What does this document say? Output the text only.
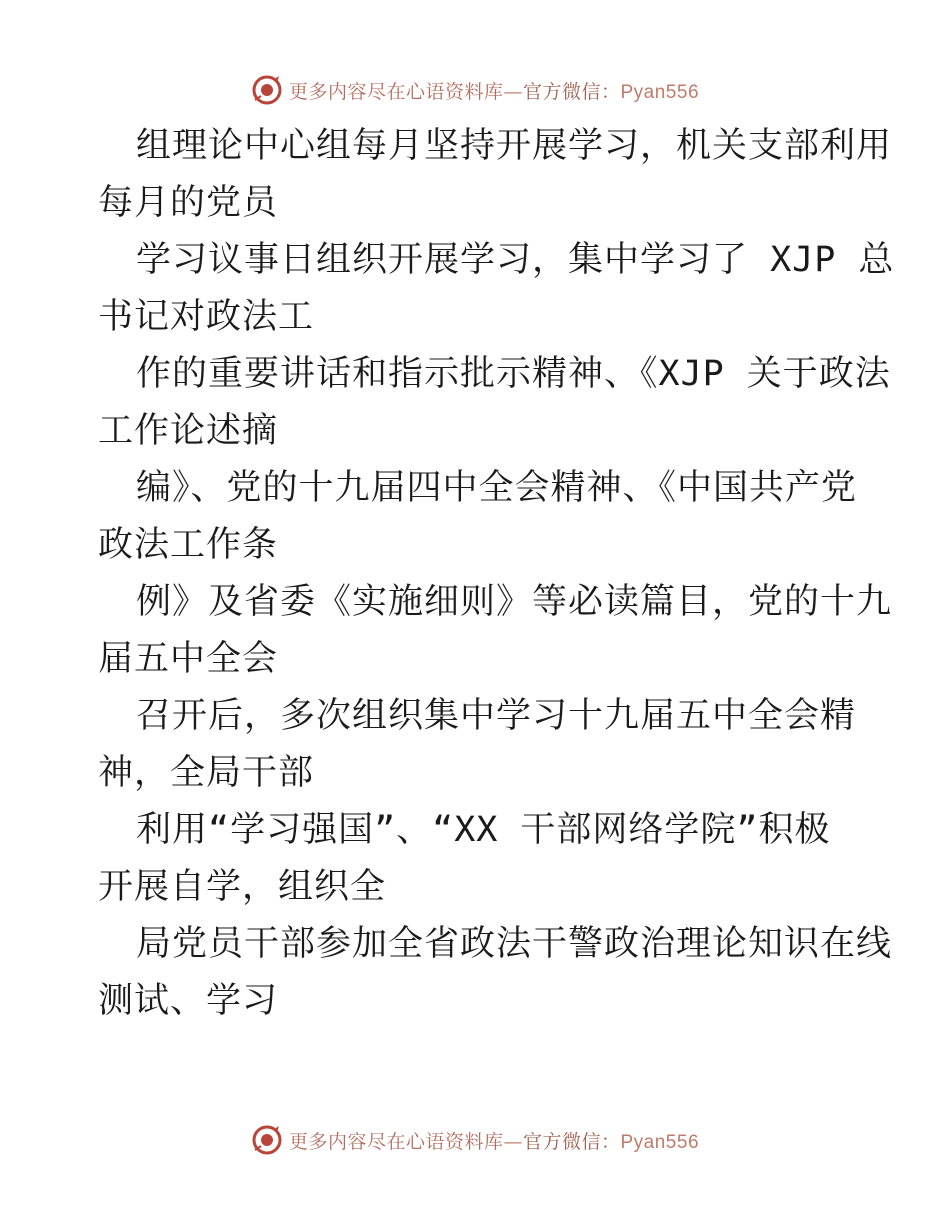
更多内容尽在心语资料库—官方微信：Pyan556
组理论中心组每月坚持开展学习，机关支部利用
每月的党员
学习议事日组织开展学习，集中学习了 XJP 总
书记对政法工
作的重要讲话和指示批示精神、《XJP 关于政法
工作论述摘
编》、党的十九届四中全会精神、《中国共产党
政法工作条
例》及省委《实施细则》等必读篇目，党的十九
届五中全会
召开后，多次组织集中学习十九届五中全会精
神，全局干部
利用“学习强国”、“XX 干部网络学院”积极
开展自学，组织全
局党员干部参加全省政法干警政治理论知识在线
测试、学习
更多内容尽在心语资料库—官方微信：Pyan556
